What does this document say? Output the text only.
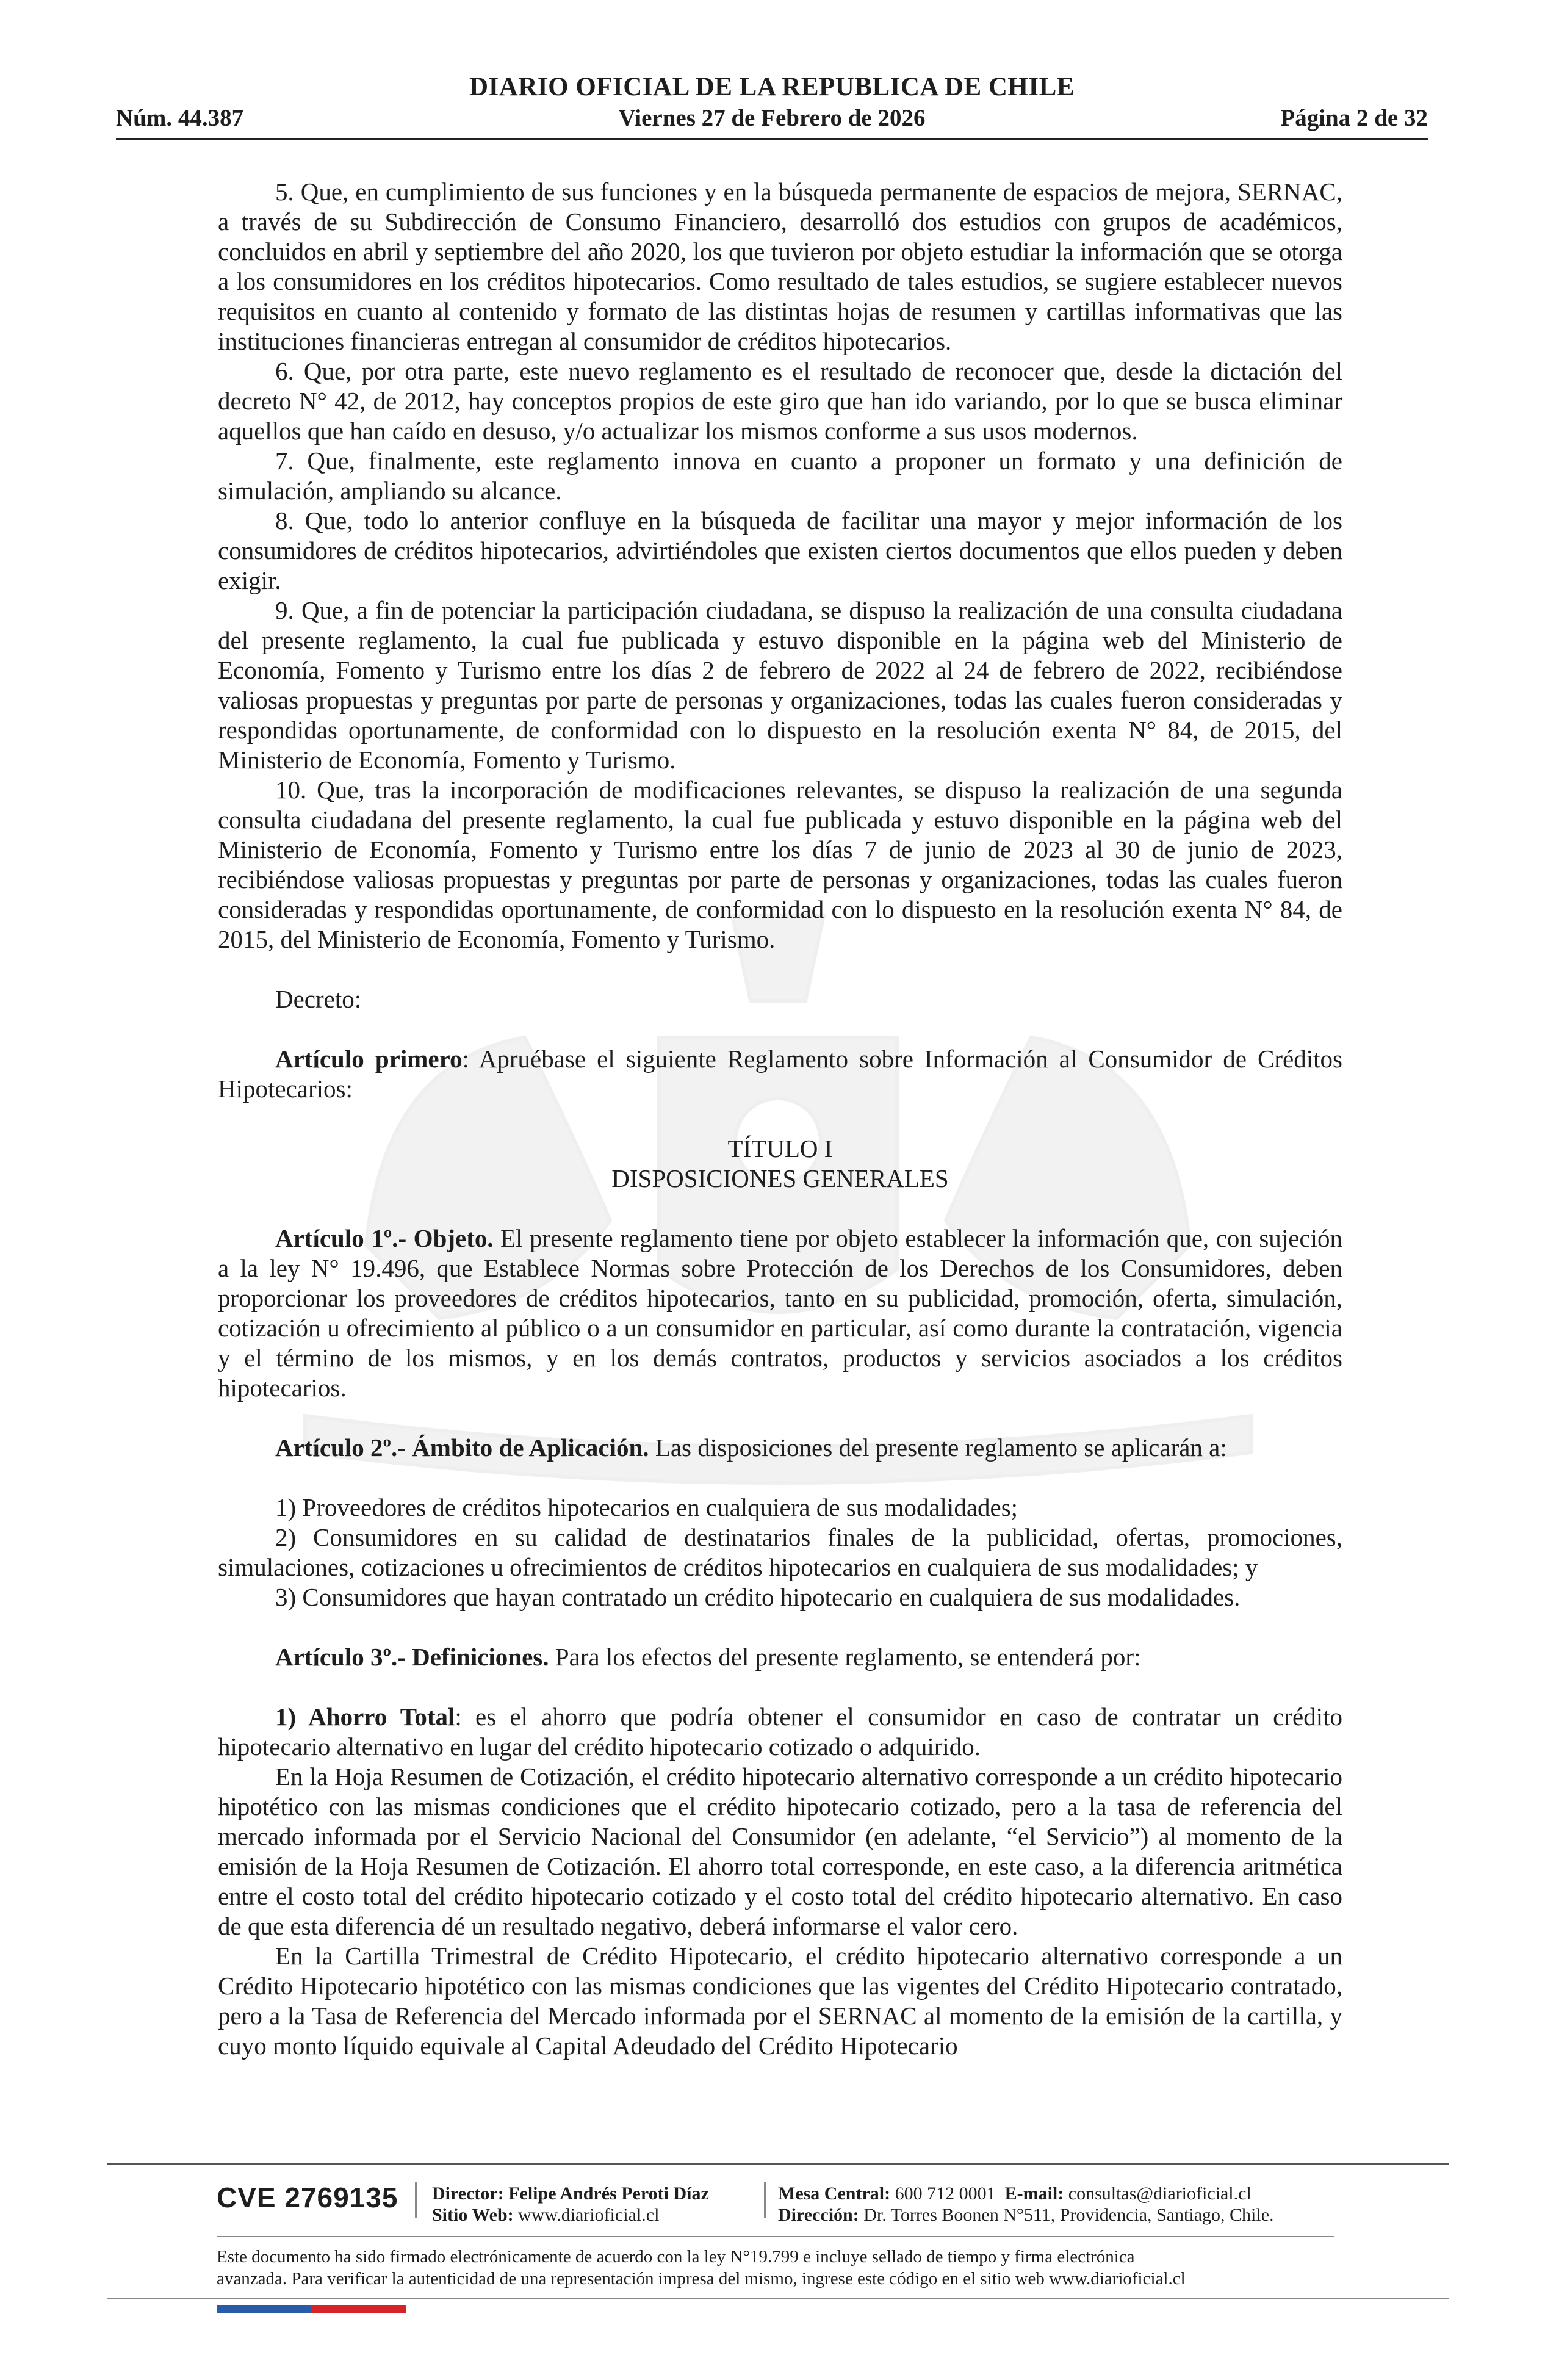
DIARIO OFICIAL DE LA REPUBLICA DE CHILE
Núm. 44.387	Viernes 27 de Febrero de 2026	Página 2 de 32

5. Que, en cumplimiento de sus funciones y en la búsqueda permanente de espacios de mejora, SERNAC, a través de su Subdirección de Consumo Financiero, desarrolló dos estudios con grupos de académicos, concluidos en abril y septiembre del año 2020, los que tuvieron por objeto estudiar la información que se otorga a los consumidores en los créditos hipotecarios. Como resultado de tales estudios, se sugiere establecer nuevos requisitos en cuanto al contenido y formato de las distintas hojas de resumen y cartillas informativas que las instituciones financieras entregan al consumidor de créditos hipotecarios.

6. Que, por otra parte, este nuevo reglamento es el resultado de reconocer que, desde la dictación del decreto N° 42, de 2012, hay conceptos propios de este giro que han ido variando, por lo que se busca eliminar aquellos que han caído en desuso, y/o actualizar los mismos conforme a sus usos modernos.

7. Que, finalmente, este reglamento innova en cuanto a proponer un formato y una definición de simulación, ampliando su alcance.

8. Que, todo lo anterior confluye en la búsqueda de facilitar una mayor y mejor información de los consumidores de créditos hipotecarios, advirtiéndoles que existen ciertos documentos que ellos pueden y deben exigir.

9. Que, a fin de potenciar la participación ciudadana, se dispuso la realización de una consulta ciudadana del presente reglamento, la cual fue publicada y estuvo disponible en la página web del Ministerio de Economía, Fomento y Turismo entre los días 2 de febrero de 2022 al 24 de febrero de 2022, recibiéndose valiosas propuestas y preguntas por parte de personas y organizaciones, todas las cuales fueron consideradas y respondidas oportunamente, de conformidad con lo dispuesto en la resolución exenta N° 84, de 2015, del Ministerio de Economía, Fomento y Turismo.

10. Que, tras la incorporación de modificaciones relevantes, se dispuso la realización de una segunda consulta ciudadana del presente reglamento, la cual fue publicada y estuvo disponible en la página web del Ministerio de Economía, Fomento y Turismo entre los días 7 de junio de 2023 al 30 de junio de 2023, recibiéndose valiosas propuestas y preguntas por parte de personas y organizaciones, todas las cuales fueron consideradas y respondidas oportunamente, de conformidad con lo dispuesto en la resolución exenta N° 84, de 2015, del Ministerio de Economía, Fomento y Turismo.

Decreto:

Artículo primero: Apruébase el siguiente Reglamento sobre Información al Consumidor de Créditos Hipotecarios:

TÍTULO I

DISPOSICIONES GENERALES

Artículo 1º.- Objeto. El presente reglamento tiene por objeto establecer la información que, con sujeción a la ley N° 19.496, que Establece Normas sobre Protección de los Derechos de los Consumidores, deben proporcionar los proveedores de créditos hipotecarios, tanto en su publicidad, promoción, oferta, simulación, cotización u ofrecimiento al público o a un consumidor en particular, así como durante la contratación, vigencia y el término de los mismos, y en los demás contratos, productos y servicios asociados a los créditos hipotecarios.

Artículo 2º.- Ámbito de Aplicación. Las disposiciones del presente reglamento se aplicarán a:

1) Proveedores de créditos hipotecarios en cualquiera de sus modalidades;

2) Consumidores en su calidad de destinatarios finales de la publicidad, ofertas, promociones, simulaciones, cotizaciones u ofrecimientos de créditos hipotecarios en cualquiera de sus modalidades; y

3) Consumidores que hayan contratado un crédito hipotecario en cualquiera de sus modalidades.

Artículo 3º.- Definiciones. Para los efectos del presente reglamento, se entenderá por:

1) Ahorro Total: es el ahorro que podría obtener el consumidor en caso de contratar un crédito hipotecario alternativo en lugar del crédito hipotecario cotizado o adquirido.

En la Hoja Resumen de Cotización, el crédito hipotecario alternativo corresponde a un crédito hipotecario hipotético con las mismas condiciones que el crédito hipotecario cotizado, pero a la tasa de referencia del mercado informada por el Servicio Nacional del Consumidor (en adelante, “el Servicio”) al momento de la emisión de la Hoja Resumen de Cotización. El ahorro total corresponde, en este caso, a la diferencia aritmética entre el costo total del crédito hipotecario cotizado y el costo total del crédito hipotecario alternativo. En caso de que esta diferencia dé un resultado negativo, deberá informarse el valor cero.

En la Cartilla Trimestral de Crédito Hipotecario, el crédito hipotecario alternativo corresponde a un Crédito Hipotecario hipotético con las mismas condiciones que las vigentes del Crédito Hipotecario contratado, pero a la Tasa de Referencia del Mercado informada por el SERNAC al momento de la emisión de la cartilla, y cuyo monto líquido equivale al Capital Adeudado del Crédito Hipotecario

CVE 2769135 Director: Felipe Andrés Peroti Díaz
Sitio Web: www.diarioficial.cl
Mesa Central: 600 712 0001 E-mail: consultas@diarioficial.cl
Dirección: Dr. Torres Boonen N°511, Providencia, Santiago, Chile.
Este documento ha sido firmado electrónicamente de acuerdo con la ley N°19.799 e incluye sellado de tiempo y firma electrónica
avanzada. Para verificar la autenticidad de una representación impresa del mismo, ingrese este código en el sitio web www.diarioficial.cl
